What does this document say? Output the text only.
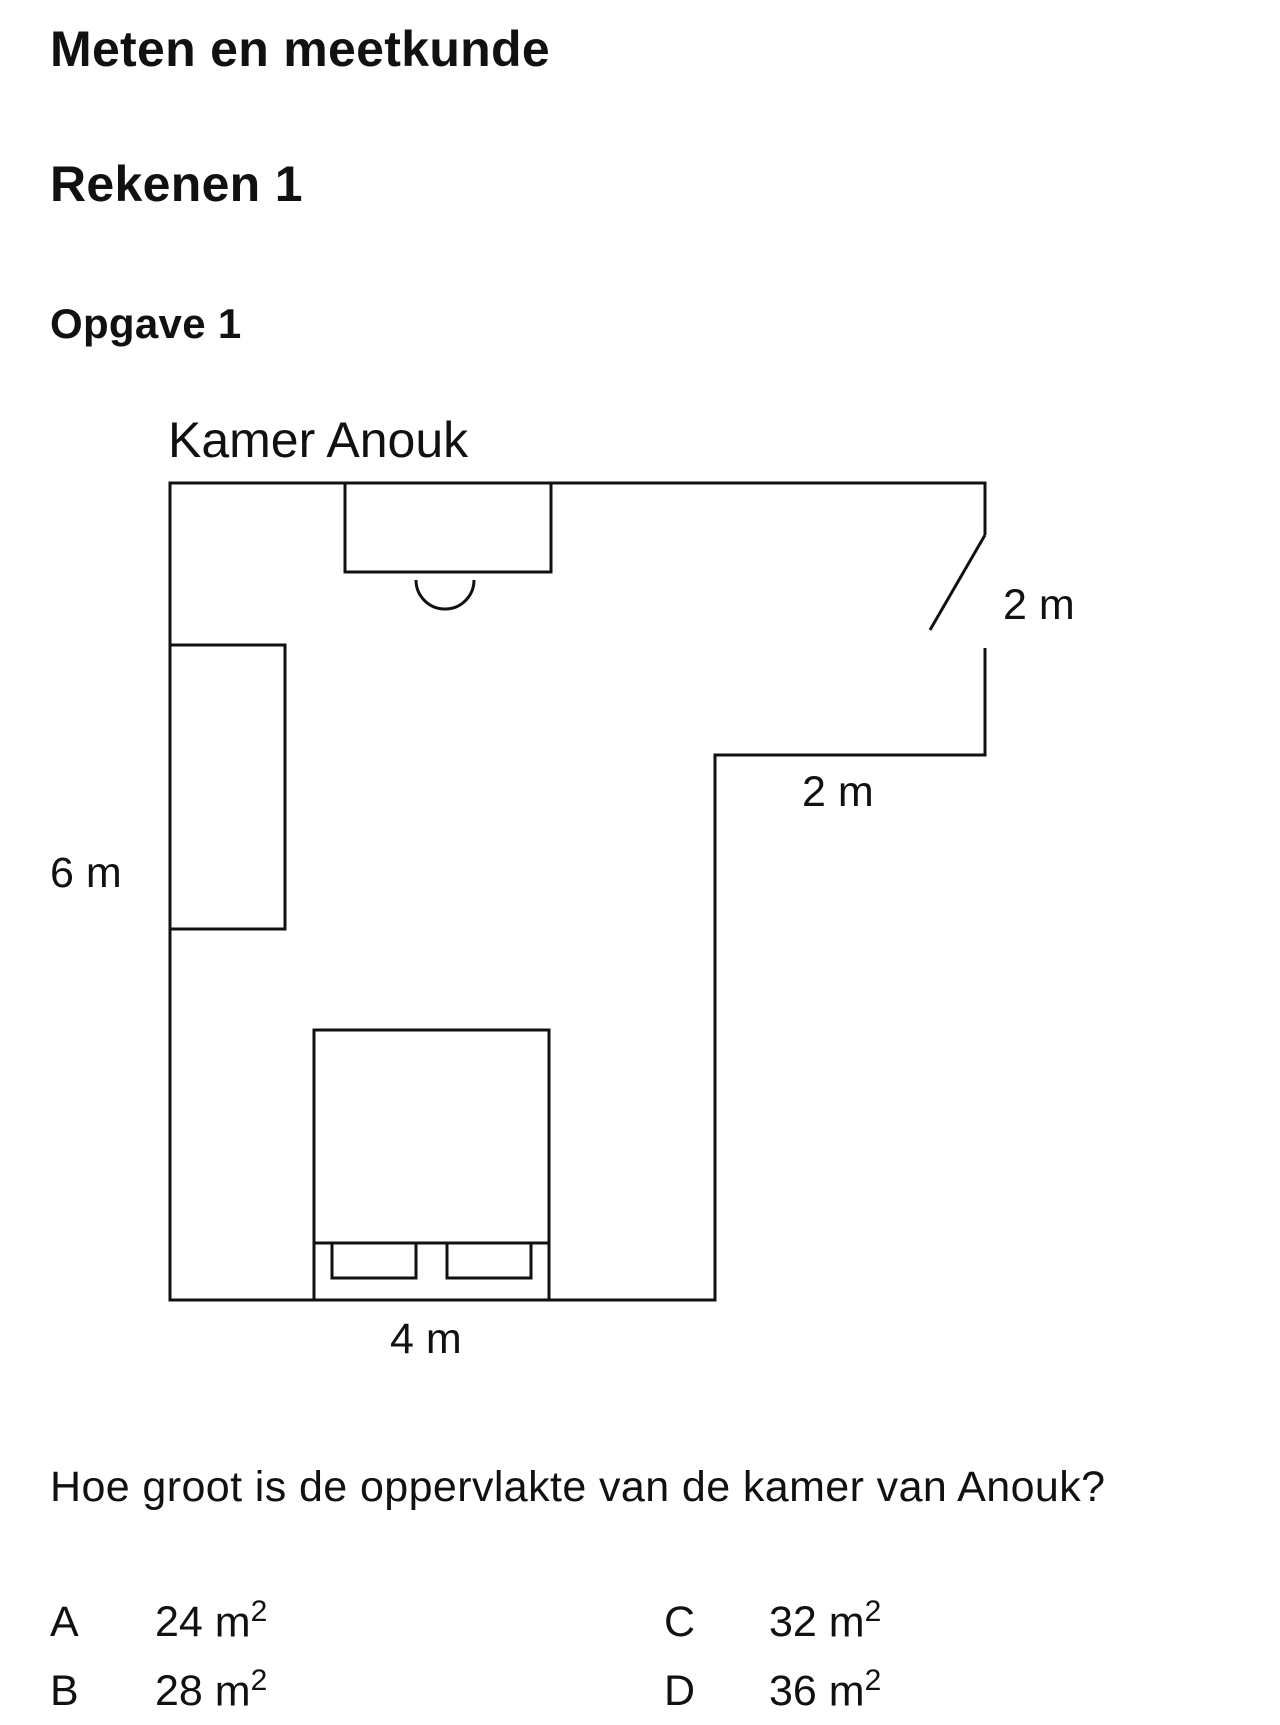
Meten en meetkunde
Rekenen 1
Opgave 1
Kamer Anouk
2 m
2 m
6 m
4 m
Hoe groot is de oppervlakte van de kamer van Anouk?
A	24
$m^2$
B	28
$m^2$
C	32
$m^2$
D	36
$m^2$
